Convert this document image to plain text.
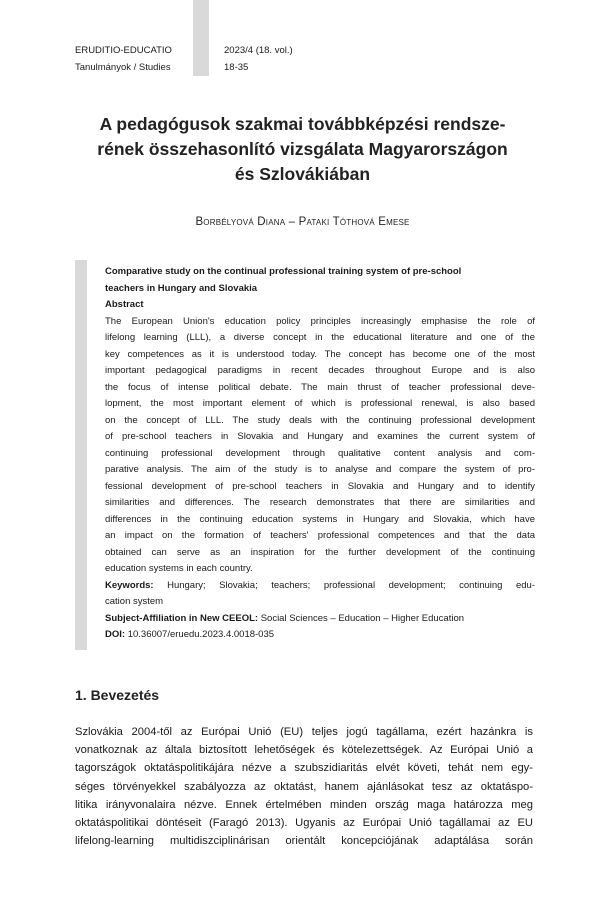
ERUDITIO-EDUCATIO
Tanulmányok / Studies
2023/4 (18. vol.)
18-35
A pedagógusok szakmai továbbképzési rendsze-
rének összehasonlító vizsgálata Magyarországon
és Szlovákiában
Borbélyová Diana – Pataki Tóthová Emese
Comparative study on the continual professional training system of pre-school
teachers in Hungary and Slovakia
Abstract
The European Union's education policy principles increasingly emphasise the role of
lifelong learning (LLL), a diverse concept in the educational literature and one of the
key competences as it is understood today. The concept has become one of the most
important pedagogical paradigms in recent decades throughout Europe and is also
the focus of intense political debate. The main thrust of teacher professional deve-
lopment, the most important element of which is professional renewal, is also based
on the concept of LLL. The study deals with the continuing professional development
of pre-school teachers in Slovakia and Hungary and examines the current system of
continuing professional development through qualitative content analysis and com-
parative analysis. The aim of the study is to analyse and compare the system of pro-
fessional development of pre-school teachers in Slovakia and Hungary and to identify
similarities and differences. The research demonstrates that there are similarities and
differences in the continuing education systems in Hungary and Slovakia, which have
an impact on the formation of teachers' professional competences and that the data
obtained can serve as an inspiration for the further development of the continuing
education systems in each country.
Keywords: Hungary; Slovakia; teachers; professional development; continuing edu-
cation system
Subject-Affiliation in New CEEOL: Social Sciences – Education – Higher Education
DOI: 10.36007/eruedu.2023.4.0018-035
1. Bevezetés
Szlovákia 2004-től az Európai Unió (EU) teljes jogú tagállama, ezért hazánkra is
vonatkoznak az általa biztosított lehetőségek és kötelezettségek. Az Európai Unió a
tagországok oktatáspolitikájára nézve a szubszidiaritás elvét követi, tehát nem egy-
séges törvényekkel szabályozza az oktatást, hanem ajánlásokat tesz az oktatáspo-
litika irányvonalaira nézve. Ennek értelmében minden ország maga határozza meg
oktatáspolitikai döntéseit (Faragó 2013). Ugyanis az Európai Unió tagállamai az EU
lifelong-learning multidiszciplinárisan orientált koncepciójának adaptálása során
